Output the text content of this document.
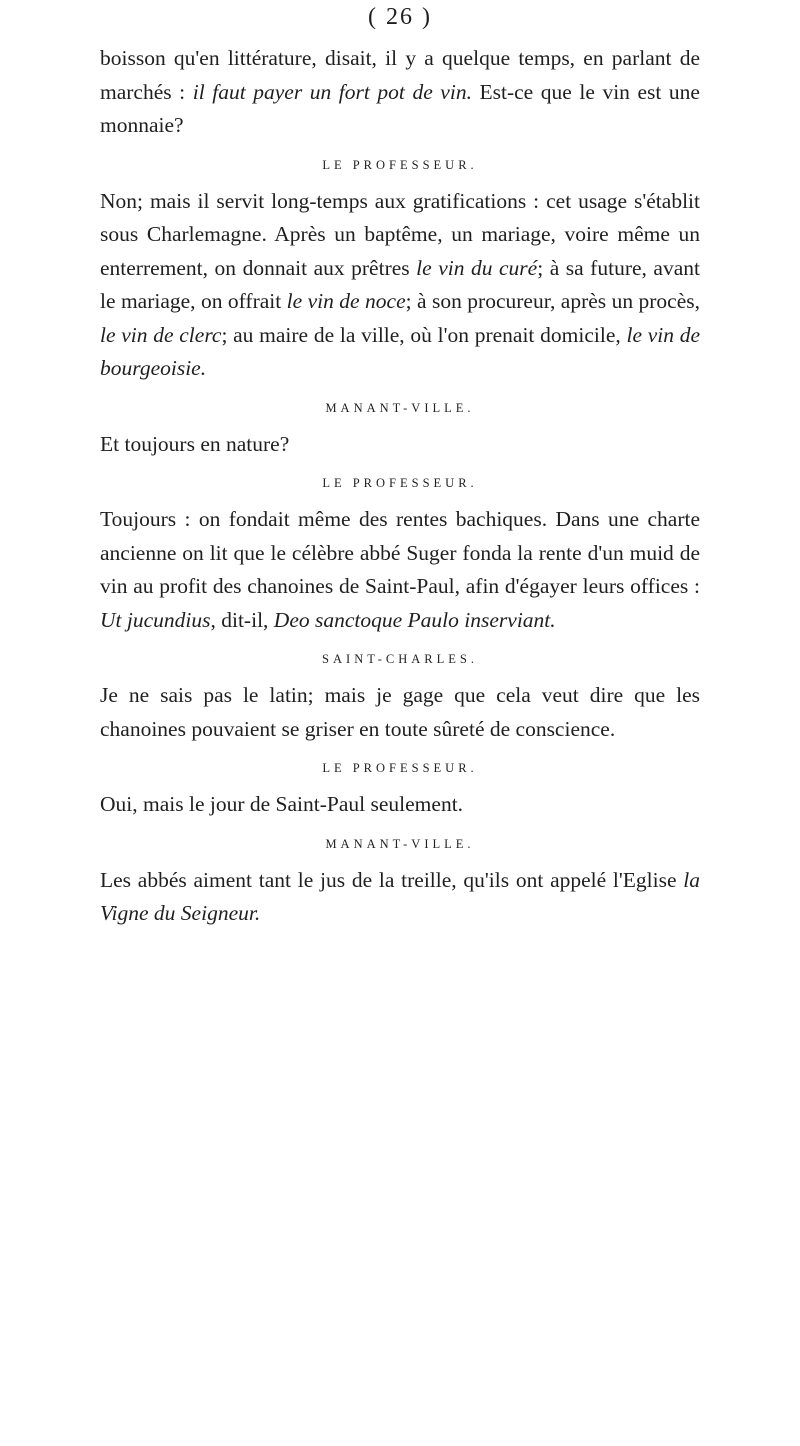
( 26 )

boisson qu'en littérature, disait, il y a quelque temps, en parlant de marchés : il faut payer un fort pot de vin. Est-ce que le vin est une monnaie?

LE PROFESSEUR.

Non; mais il servit long-temps aux gratifications : cet usage s'établit sous Charlemagne. Après un baptême, un mariage, voire même un enterrement, on donnait aux prêtres le vin du curé; à sa future, avant le mariage, on offrait le vin de noce; à son procureur, après un procès, le vin de clerc; au maire de la ville, où l'on prenait domicile, le vin de bourgeoisie.

MANANT-VILLE.

Et toujours en nature?

LE PROFESSEUR.

Toujours : on fondait même des rentes bachiques. Dans une charte ancienne on lit que le célèbre abbé Suger fonda la rente d'un muid de vin au profit des chanoines de Saint-Paul, afin d'égayer leurs offices : Ut jucundius, dit-il, Deo sanctoque Paulo inserviant.

SAINT-CHARLES.

Je ne sais pas le latin; mais je gage que cela veut dire que les chanoines pouvaient se griser en toute sûreté de conscience.

LE PROFESSEUR.

Oui, mais le jour de Saint-Paul seulement.

MANANT-VILLE.

Les abbés aiment tant le jus de la treille, qu'ils ont appelé l'Eglise la Vigne du Seigneur.
